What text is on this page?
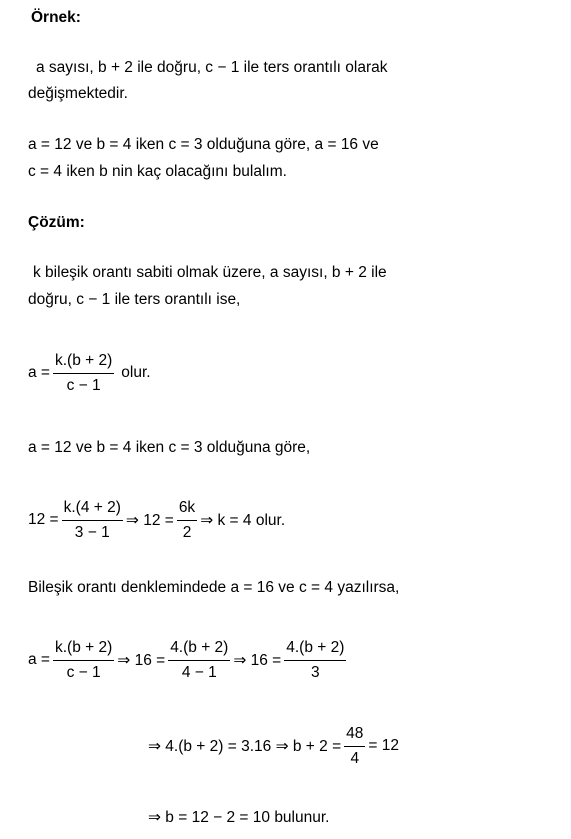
Örnek:
a sayısı, b + 2 ile doğru, c − 1 ile ters orantılı olarak
değişmektedir.
a = 12 ve b = 4 iken c = 3 olduğuna göre, a = 16 ve
c = 4 iken b nin kaç olacağını bulalım.
Çözüm:
k bileşik orantı sabiti olmak üzere, a sayısı, b + 2 ile
doğru, c − 1 ile ters orantılı ise,
$a = \frac{k.(b + 2)}{c - 1}$ olur.
a = 12 ve b = 4 iken c = 3 olduğuna göre,
$12 = \frac{k.(4 + 2)}{3 - 1}$ ⇒ $12 = \frac{6k}{2}$ ⇒ k = 4 olur.
Bileşik orantı denklemindede a = 16 ve c = 4 yazılırsa,
$a = \frac{k.(b + 2)}{c - 1}$ ⇒ $16 = \frac{4.(b + 2)}{4 - 1}$ ⇒ $16 = \frac{4.(b + 2)}{3}$
⇒ 4.(b + 2) = 3.16 ⇒ $b + 2 = \frac{48}{4} = 12$
⇒ b = 12 − 2 = 10 bulunur.
